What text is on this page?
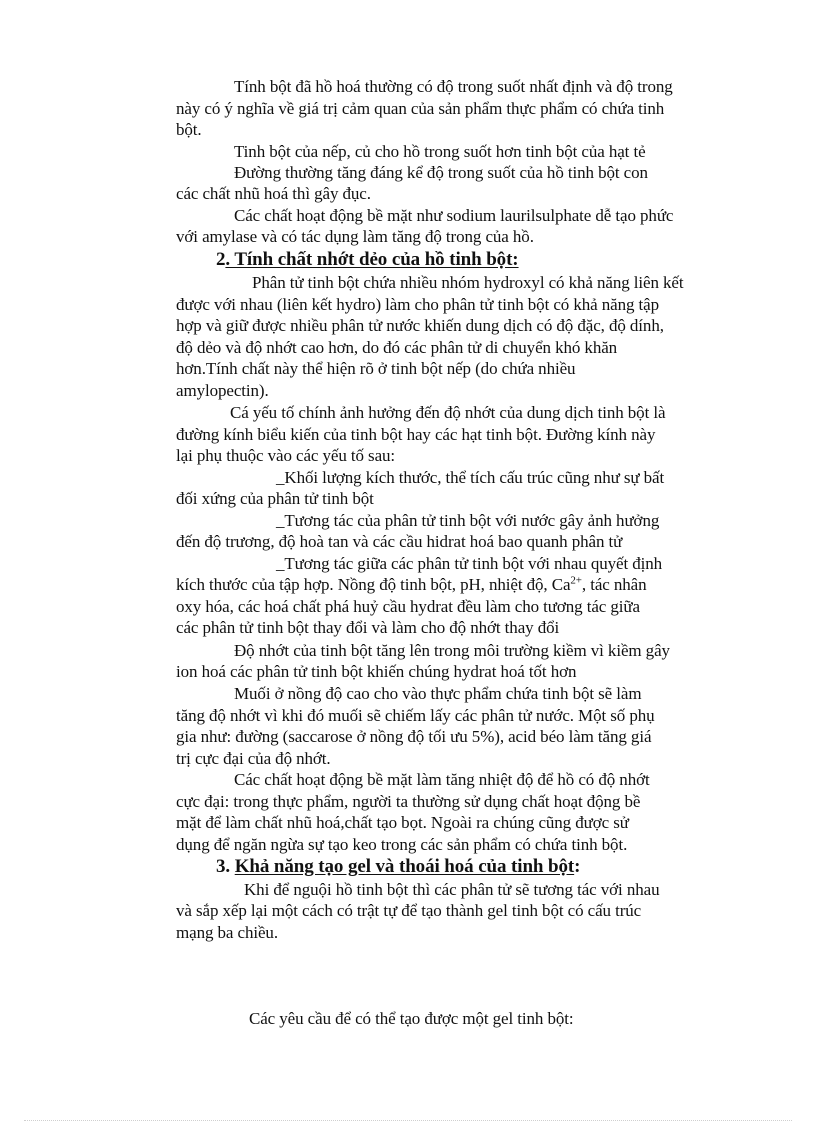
Tính bột đã hồ hoá thường có độ trong suốt nhất định và độ trong
này có ý nghĩa về giá trị cảm quan của sản phẩm thực phẩm có chứa tinh
bột.
Tinh bột của nếp, củ cho hồ trong suốt hơn tinh bột của hạt tẻ
Đường thường tăng đáng kể độ trong suốt của hồ tinh bột con
các chất nhũ hoá thì gây đục.
Các chất hoạt động bề mặt như sodium laurilsulphate dễ tạo phức
với amylase và có tác dụng làm tăng độ trong của hồ.
2. Tính chất nhớt dẻo của hồ tinh bột:
Phân tử tinh bột chứa nhiều nhóm hydroxyl có khả năng liên kết
được với nhau (liên kết hydro) làm cho phân tử tinh bột có khả năng tập
hợp và giữ được nhiều phân tử nước khiến dung dịch có độ đặc, độ dính,
độ dẻo và độ nhớt cao hơn, do đó các phân tử di chuyển khó khăn
hơn.Tính chất này thể hiện rõ ở tinh bột nếp (do chứa nhiều
amylopectin).
Cá yếu tố chính ảnh hưởng đến độ nhớt của dung dịch tinh bột là
đường kính biểu kiến của tinh bột hay các hạt tinh bột. Đường kính này
lại phụ thuộc vào các yếu tố sau:
_Khối lượng kích thước, thể tích cấu trúc cũng như sự bất
đối xứng của phân tử tinh bột
_Tương tác của phân tử tinh bột với nước gây ảnh hưởng
đến độ trương, độ hoà tan và các cầu hidrat hoá bao quanh phân tử
_Tương tác giữa các phân tử tinh bột với nhau quyết định
kích thước của tập hợp. Nồng độ tinh bột, pH, nhiệt độ, $Ca^{2+}$, tác nhân
oxy hóa, các hoá chất phá huỷ cầu hydrat đều làm cho tương tác giữa
các phân tử tinh bột thay đổi và làm cho độ nhớt thay đổi
Độ nhớt của tinh bột tăng lên trong môi trường kiềm vì kiềm gây
ion hoá các phân tử tinh bột khiến chúng hydrat hoá tốt hơn
Muối ở nồng độ cao cho vào thực phẩm chứa tinh bột sẽ làm
tăng độ nhớt vì khi đó muối sẽ chiếm lấy các phân tử nước. Một số phụ
gia như: đường (saccarose ở nồng độ tối ưu 5%), acid béo làm tăng giá
trị cực đại của độ nhớt.
Các chất hoạt động bề mặt làm tăng nhiệt độ để hồ có độ nhớt
cực đại: trong thực phẩm, người ta thường sử dụng chất hoạt động bề
mặt để làm chất nhũ hoá,chất tạo bọt. Ngoài ra chúng cũng được sử
dụng để ngăn ngừa sự tạo keo trong các sản phẩm có chứa tinh bột.
3. Khả năng tạo gel và thoái hoá của tinh bột:
Khi để nguội hồ tinh bột thì các phân tử sẽ tương tác với nhau
và sắp xếp lại một cách có trật tự để tạo thành gel tinh bột có cấu trúc
mạng ba chiều.
Các yêu cầu để có thể tạo được một gel tinh bột:
